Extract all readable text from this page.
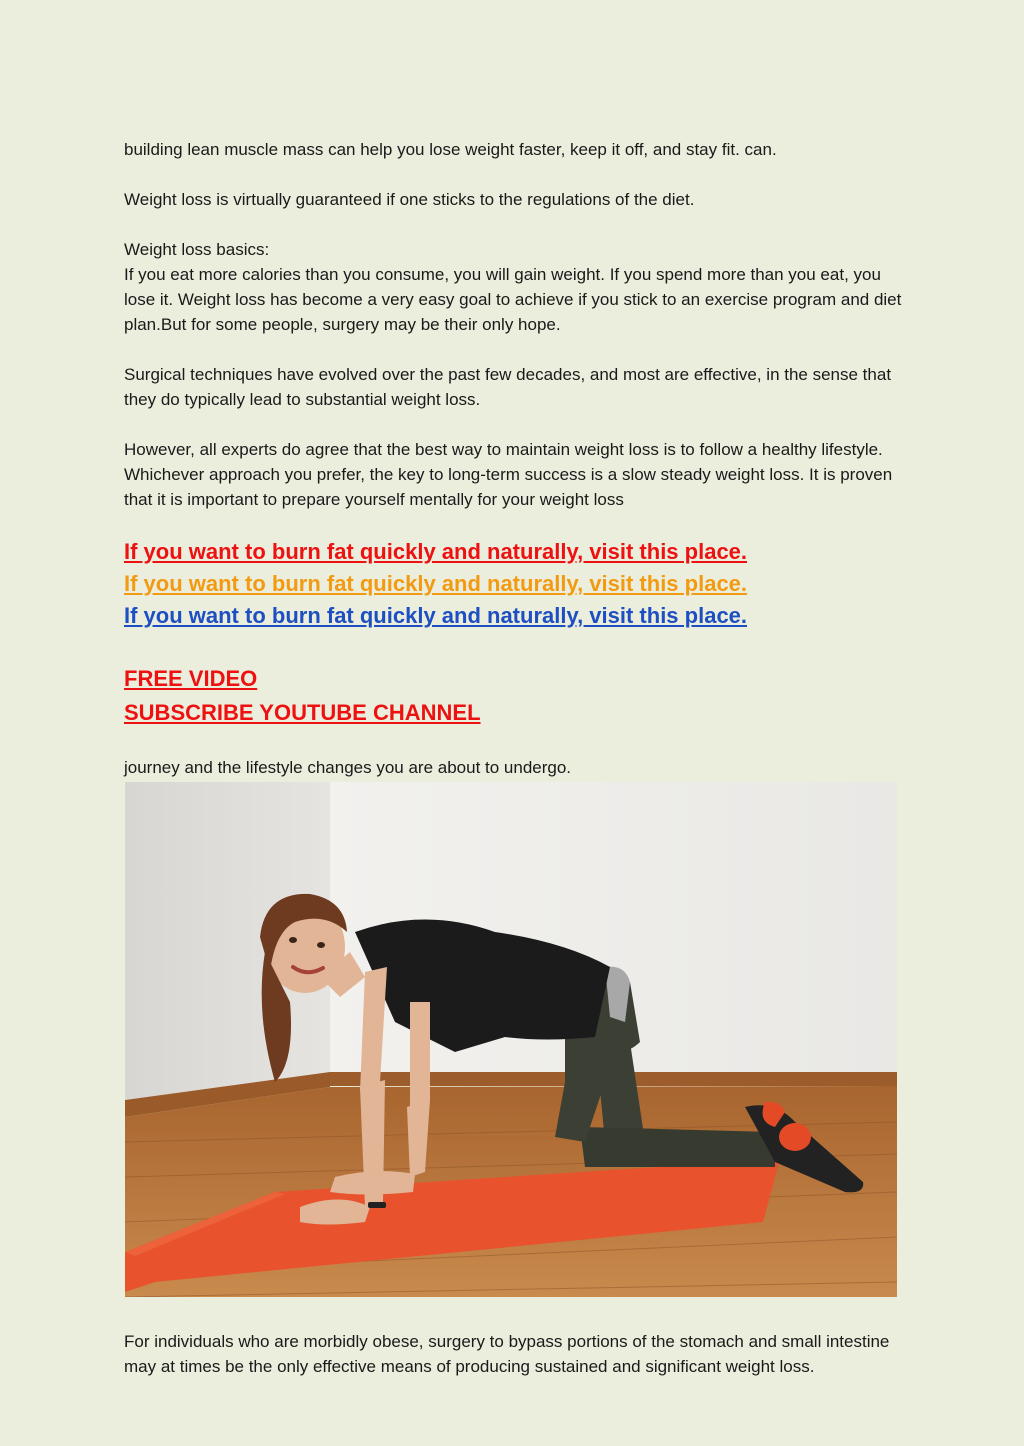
building lean muscle mass can help you lose weight faster, keep it off, and stay fit. can.

Weight loss is virtually guaranteed if one sticks to the regulations of the diet.

Weight loss basics:

If you eat more calories than you consume, you will gain weight. If you spend more than you eat, you lose it. Weight loss has become a very easy goal to achieve if you stick to an exercise program and diet plan.But for some people, surgery may be their only hope.

Surgical techniques have evolved over the past few decades, and most are effective, in the sense that they do typically lead to substantial weight loss.

However, all experts do agree that the best way to maintain weight loss is to follow a healthy lifestyle. Whichever approach you prefer, the key to long-term success is a slow steady weight loss. It is proven that it is important to prepare yourself mentally for your weight loss

If you want to burn fat quickly and naturally, visit this place.
If you want to burn fat quickly and naturally, visit this place.
If you want to burn fat quickly and naturally, visit this place.
FREE VIDEO
SUBSCRIBE YOUTUBE CHANNEL

journey and the lifestyle changes you are about to undergo.

For individuals who are morbidly obese, surgery to bypass portions of the stomach and small intestine may at times be the only effective means of producing sustained and significant weight loss.
